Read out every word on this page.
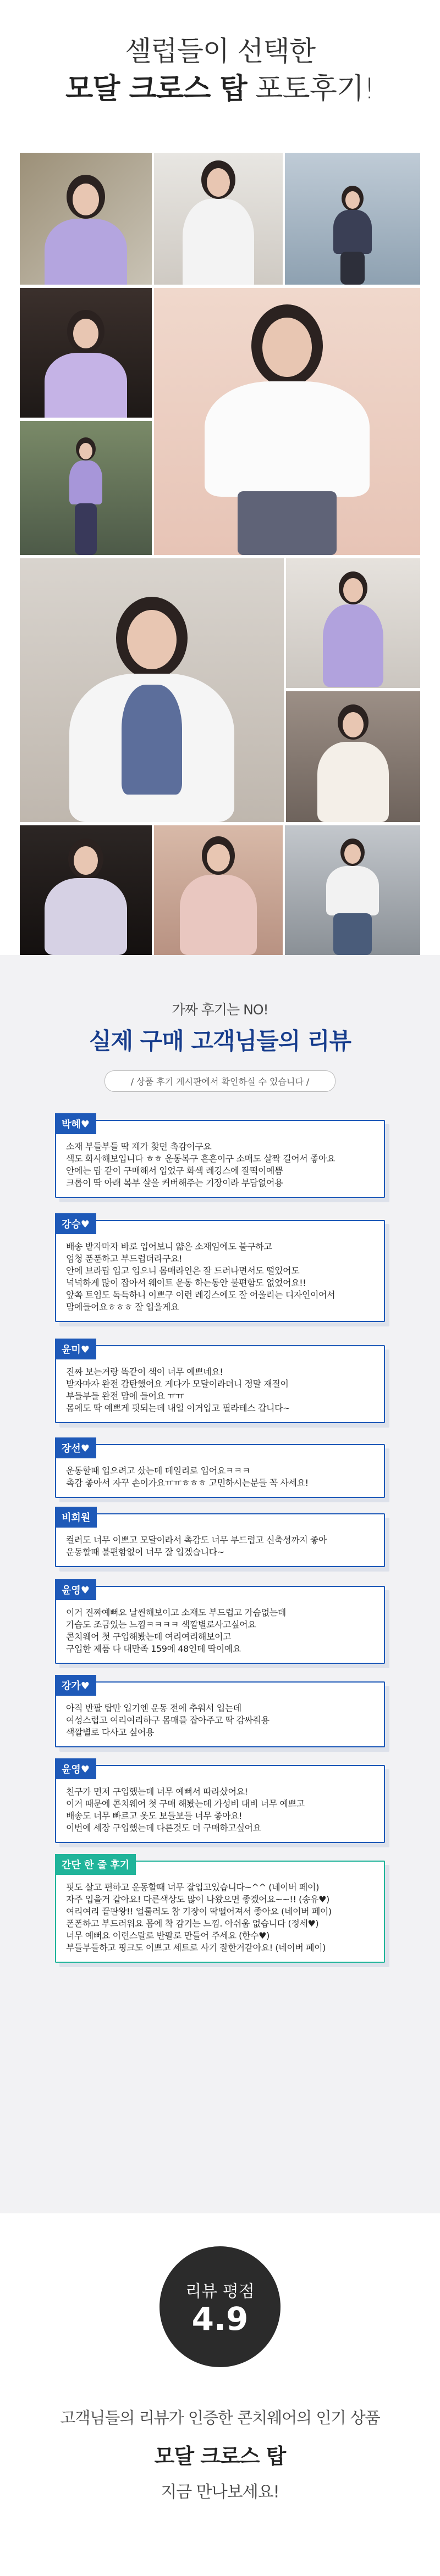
셀럽들이 선택한
모달 크로스 탑 포토후기!
가짜 후기는 NO!
실제 구매 고객님들의 리뷰
/ 상품 후기 게시판에서 확인하실 수 있습니다 /
박혜♥

소재 부들부들 딱 제가 찾던 촉감이구요
색도 화사해보입니다 ㅎㅎ 운동복구 흔흔이구 소매도 살짝 길어서 좋아요
안에는 탑 같이 구매해서 입었구 화색 레깅스에 잘떡이예쁨
크롭이 딱 아래 복부 살을 커버해주는 기장이라 부담없어용

강승♥

배송 받자마자 바로 입어보니 얇은 소재임에도 불구하고
엄청 푼푼하고 부드럽더라구요!
안에 브라탑 입고 입으니 몸매라인은 잘 드러나면서도 떨있어도
넉넉하게 많이 잡아서 웨이트 운동 하는동안 불편함도 없었어요!!
앞쪽 트임도 독득하니 이쁘구 이런 레깅스에도 잘 어울리는 디자인이어서
맘에들어요ㅎㅎㅎ 잘 입을게요

윤미♥

진짜 보는거랑 똑같이 색이 너무 예쁘네요!
받자마자 완전 감탄했어요 게다가 모달이라더니 정말 재질이
부들부들 완전 맘에 들어요 ㅠㅠ
몸에도 딱 예쁘게 핏되는데 내일 이거입고 필라테스 갑니다~

장선♥

운동할때 입으려고 샀는데 데일리로 입어요ㅋㅋㅋ
촉감 좋아서 자꾸 손이가요ㅠㅠㅎㅎㅎ 고민하시는분들 꼭 사세요!

비회원

컬러도 너무 이쁘고 모달이라서 촉감도 너무 부드럽고 신축성까지 좋아
운동할때 불편함없이 너무 잘 입겠습니다~

윤영♥

이거 진짜예뻐요 날씬해보이고 소재도 부드럽고 가슴없는데
가슴도 조금있는 느낌ㅋㅋㅋㅋ 색깔별로사고싶어요
콘치웨어 첫 구입해봤는데 여리여리해보이고
구입한 제품 다 대만족 159에 48인데 딱이예요

강가♥

아직 반팔 탑만 입기엔 운동 전에 추워서 입는데
여성스럽고 여리여리하구 몸매를 잡아주고 딱 감싸줘용
색깔별로 다사고 싶어용

윤영♥

친구가 먼저 구입했는데 너무 예뻐서 따라샀어요!
이거 때문에 콘치웨어 첫 구매 해봤는데 가성비 대비 너무 예쁘고
배송도 너무 빠르고 옷도 보들보들 너무 좋아요!
이번에 세장 구입했는데 다른것도 더 구매하고싶어요

간단 한 줄 후기

핏도 살고 편하고 운동할때 너무 잘입고있습니다~^^ (네이버 페이)
자주 입을거 같아요! 다른색상도 많이 나왔으면 좋겠어요~~!! (송유♥)
여리여리 끝판왕!! 얼룰러도 참 기장이 딱떨어져서 좋아요 (네이버 페이)
폰폰하고 부드러워요 몸에 착 감기는 느낌. 아쉬움 없습니다 (정세♥)
너무 예뻐요 이런스탈로 반팔로 만들어 주세요 (한수♥)
부들부들하고 핑크도 이쁘고 세트로 사기 잘한거같아요! (네이버 페이)

리뷰 평점
4.9
고객님들의 리뷰가 인증한 콘치웨어의 인기 상품
모달 크로스 탑
지금 만나보세요!
